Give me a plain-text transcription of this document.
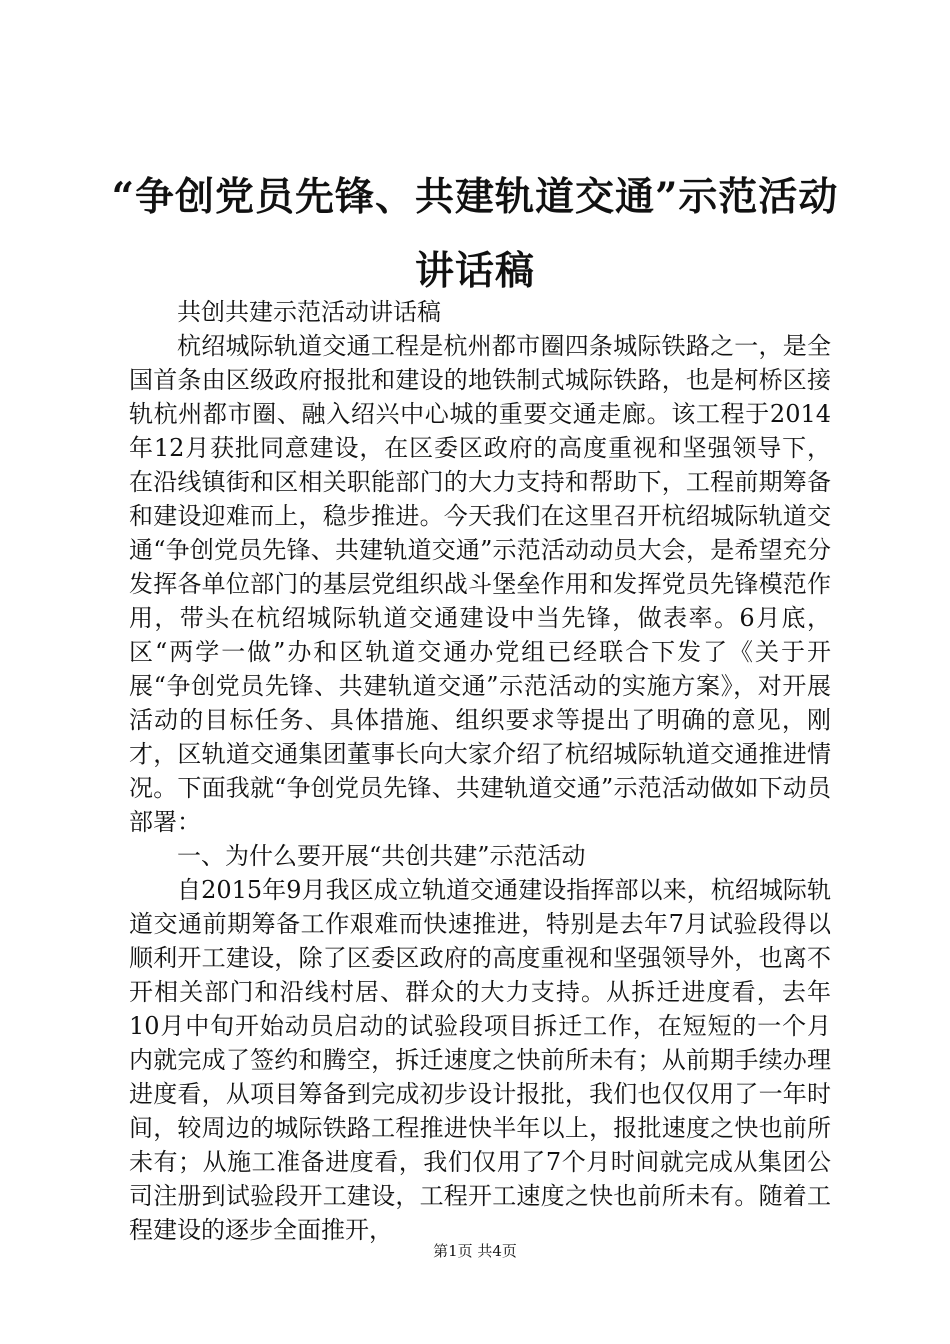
“争创党员先锋、共建轨道交通”示范活动讲话稿

共创共建示范活动讲话稿

杭绍城际轨道交通工程是杭州都市圈四条城际铁路之一，是全国首条由区级政府报批和建设的地铁制式城际铁路，也是柯桥区接轨杭州都市圈、融入绍兴中心城的重要交通走廊。该工程于2014年12月获批同意建设，在区委区政府的高度重视和坚强领导下，在沿线镇街和区相关职能部门的大力支持和帮助下，工程前期筹备和建设迎难而上，稳步推进。今天我们在这里召开杭绍城际轨道交通“争创党员先锋、共建轨道交通”示范活动动员大会，是希望充分发挥各单位部门的基层党组织战斗堡垒作用和发挥党员先锋模范作用，带头在杭绍城际轨道交通建设中当先锋，做表率。6月底，区“两学一做”办和区轨道交通办党组已经联合下发了《关于开展“争创党员先锋、共建轨道交通”示范活动的实施方案》，对开展活动的目标任务、具体措施、组织要求等提出了明确的意见，刚才，区轨道交通集团董事长向大家介绍了杭绍城际轨道交通推进情况。下面我就“争创党员先锋、共建轨道交通”示范活动做如下动员部署：

一、为什么要开展“共创共建”示范活动

自2015年9月我区成立轨道交通建设指挥部以来，杭绍城际轨道交通前期筹备工作艰难而快速推进，特别是去年7月试验段得以顺利开工建设，除了区委区政府的高度重视和坚强领导外，也离不开相关部门和沿线村居、群众的大力支持。从拆迁进度看，去年10月中旬开始动员启动的试验段项目拆迁工作，在短短的一个月内就完成了签约和腾空，拆迁速度之快前所未有；从前期手续办理进度看，从项目筹备到完成初步设计报批，我们也仅仅用了一年时间，较周边的城际铁路工程推进快半年以上，报批速度之快也前所未有；从施工准备进度看，我们仅用了7个月时间就完成从集团公司注册到试验段开工建设，工程开工速度之快也前所未有。随着工程建设的逐步全面推开，

第1页 共4页
